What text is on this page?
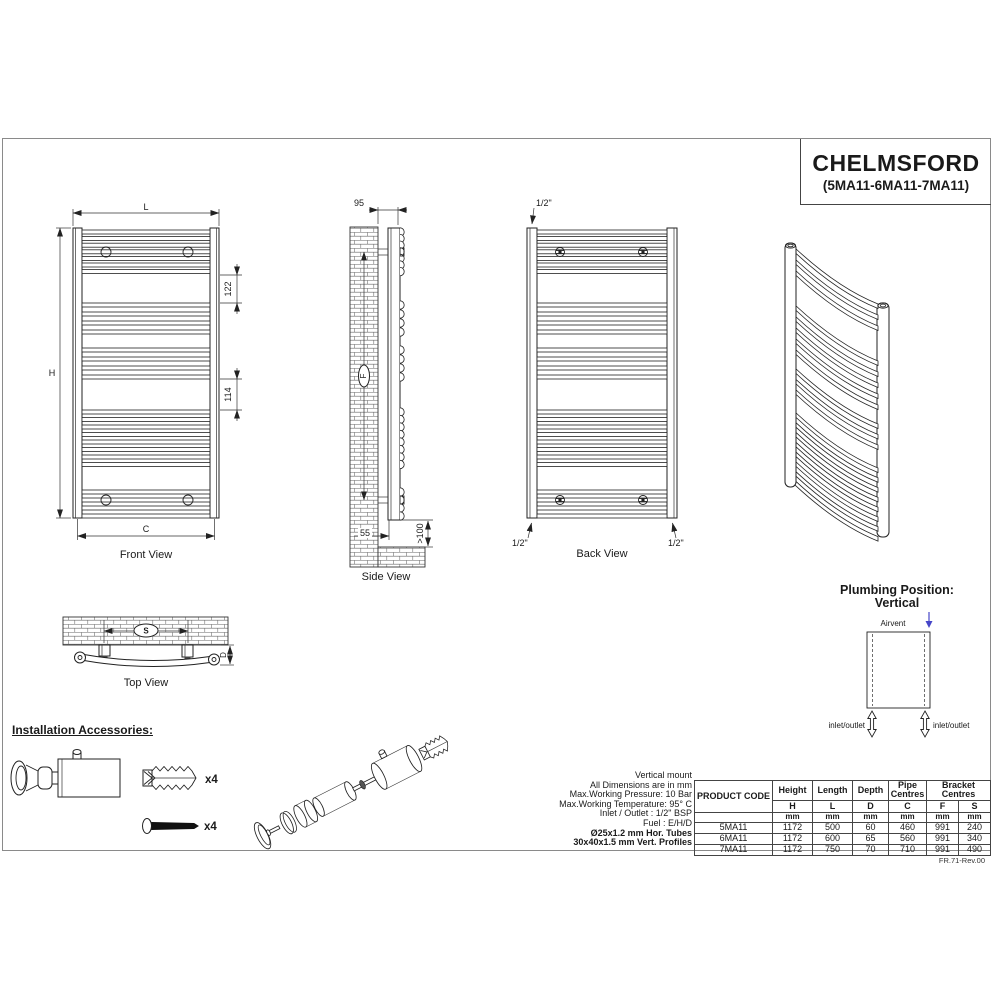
L
H
122
114
C
Front View
95
F
55	>100
Side View
1/2"
1/2"	1/2"
Back View
S
D
Top View
Airvent
inlet/outlet	inlet/outlet
x4
x4
CHELMSFORD
(5MA11-6MA11-7MA11)
Plumbing Position:
Vertical
Installation Accessories:
Vertical mount
All Dimensions are in mm
Max.Working Pressure: 10 Bar
Max.Working Temperature: 95° C
Inlet / Outlet : 1/2" BSP
Fuel : E/H/D
Ø25x1.2 mm Hor. Tubes
30x40x1.5 mm Vert. Profiles
PRODUCT CODE	Height	Length	Depth	Pipe Centres	Bracket Centres	
	H	L	D	C	F	S
	mm	mm	mm	mm	mm	mm
5MA11	1172	500	60	460	991	240
6MA11	1172	600	65	560	991	340
7MA11	1172	750	70	710	991	490
FR.71-Rev.00
